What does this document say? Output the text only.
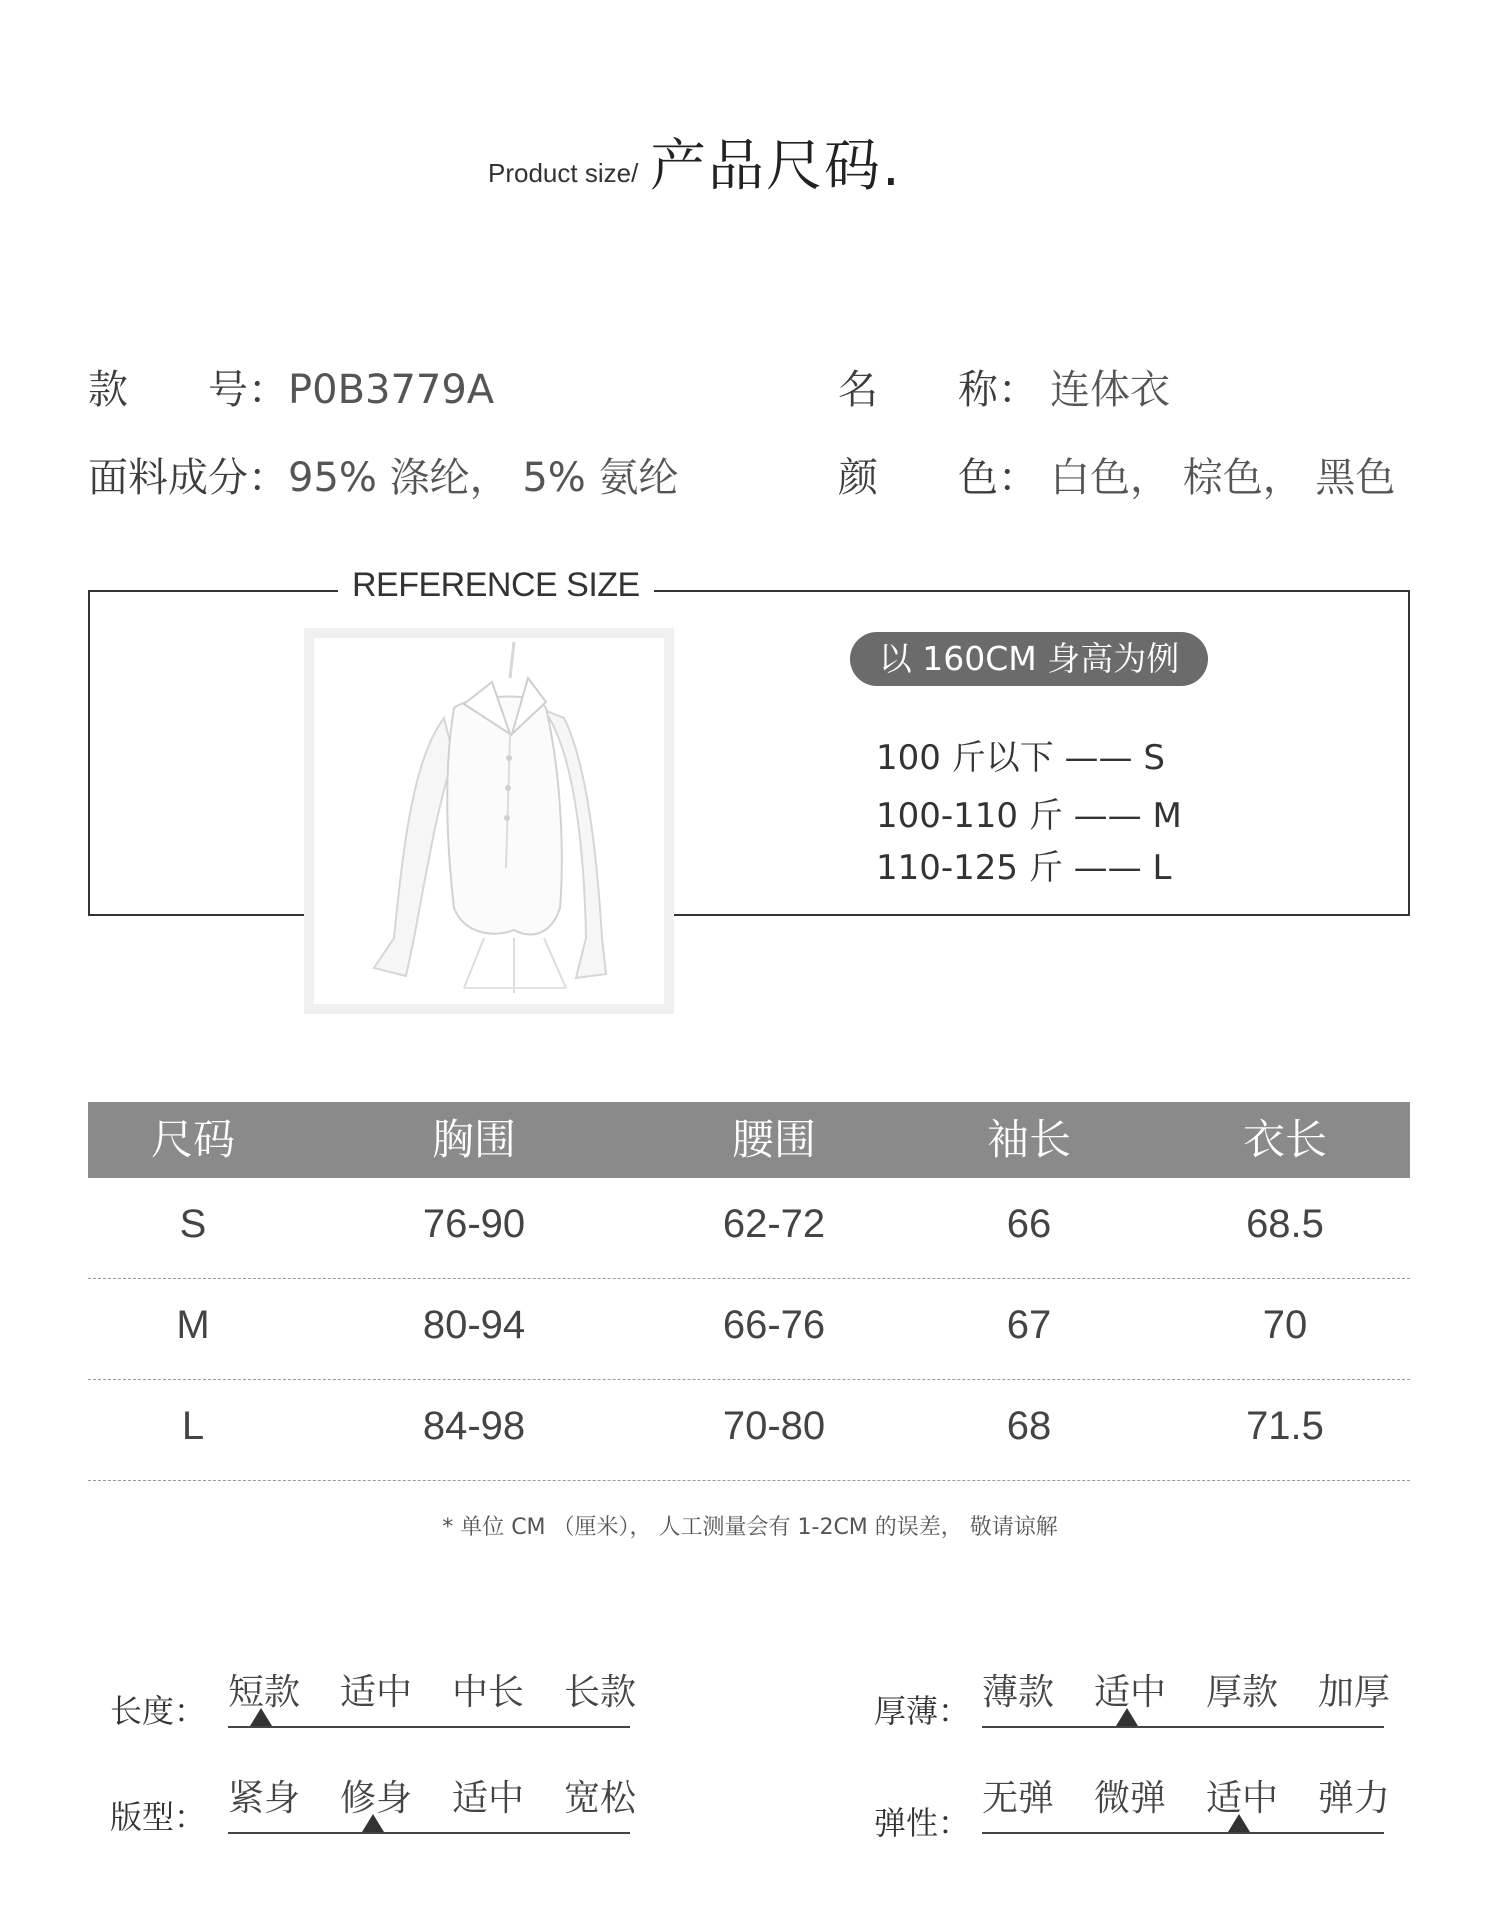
Product size/ 产品尺码.
款　　号：P0B3779A	名　　称： 连体衣
面料成分：95% 涤纶， 5% 氨纶	颜　　色： 白色， 棕色， 黑色
REFERENCE SIZE
以 160CM 身高为例
100 斤以下 —— S
100-110 斤 —— M
110-125 斤 —— L
尺码	胸围	腰围	袖长	衣长
S	76-90	62-72	66	68.5
M	80-94	66-76	67	70
L	84-98	70-80	68	71.5
* 单位 CM （厘米）， 人工测量会有 1-2CM 的误差， 敬请谅解
长度： 短款	适中	中长	长款
版型： 紧身	修身	适中	宽松
厚薄： 薄款	适中	厚款	加厚
弹性：
无弹	微弹	适中	弹力
